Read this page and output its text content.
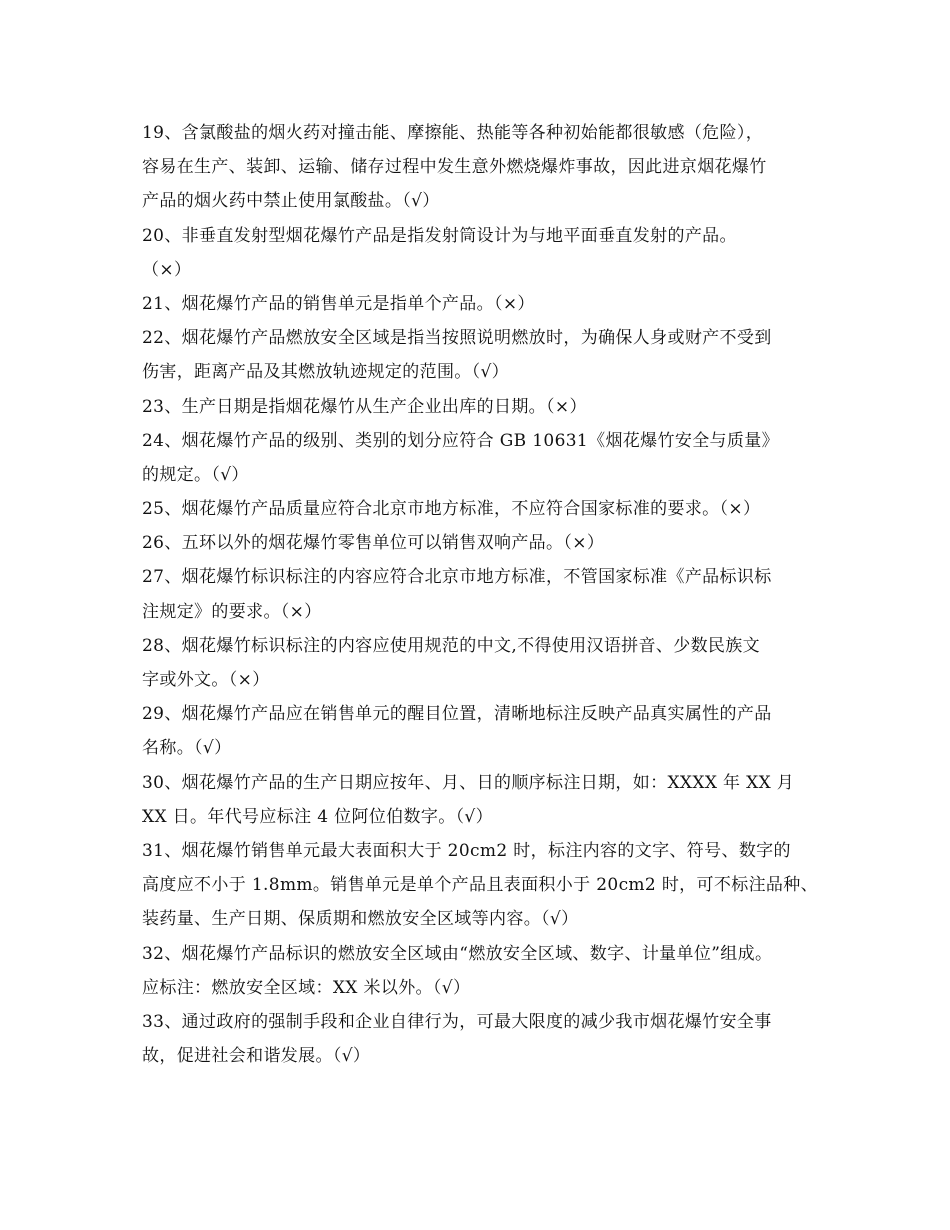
19、含氯酸盐的烟火药对撞击能、摩擦能、热能等各种初始能都很敏感（危险），
容易在生产、装卸、运输、储存过程中发生意外燃烧爆炸事故，因此进京烟花爆竹
产品的烟火药中禁止使用氯酸盐。（√）
20、非垂直发射型烟花爆竹产品是指发射筒设计为与地平面垂直发射的产品。
（×）
21、烟花爆竹产品的销售单元是指单个产品。（×）
22、烟花爆竹产品燃放安全区域是指当按照说明燃放时，为确保人身或财产不受到
伤害，距离产品及其燃放轨迹规定的范围。（√）
23、生产日期是指烟花爆竹从生产企业出库的日期。（×）
24、烟花爆竹产品的级别、类别的划分应符合 GB 10631《烟花爆竹安全与质量》
的规定。（√）
25、烟花爆竹产品质量应符合北京市地方标准，不应符合国家标准的要求。（×）
26、五环以外的烟花爆竹零售单位可以销售双响产品。（×）
27、烟花爆竹标识标注的内容应符合北京市地方标准，不管国家标准《产品标识标
注规定》的要求。（×）
28、烟花爆竹标识标注的内容应使用规范的中文,不得使用汉语拼音、少数民族文
字或外文。（×）
29、烟花爆竹产品应在销售单元的醒目位置，清晰地标注反映产品真实属性的产品
名称。（√）
30、烟花爆竹产品的生产日期应按年、月、日的顺序标注日期，如：XXXX 年 XX 月
XX 日。年代号应标注 4 位阿位伯数字。（√）
31、烟花爆竹销售单元最大表面积大于 20cm2 时，标注内容的文字、符号、数字的
高度应不小于 1.8mm。销售单元是单个产品且表面积小于 20cm2 时，可不标注品种、
装药量、生产日期、保质期和燃放安全区域等内容。（√）
32、烟花爆竹产品标识的燃放安全区域由“燃放安全区域、数字、计量单位”组成。
应标注：燃放安全区域：XX 米以外。（√）
33、通过政府的强制手段和企业自律行为，可最大限度的减少我市烟花爆竹安全事
故，促进社会和谐发展。（√）
